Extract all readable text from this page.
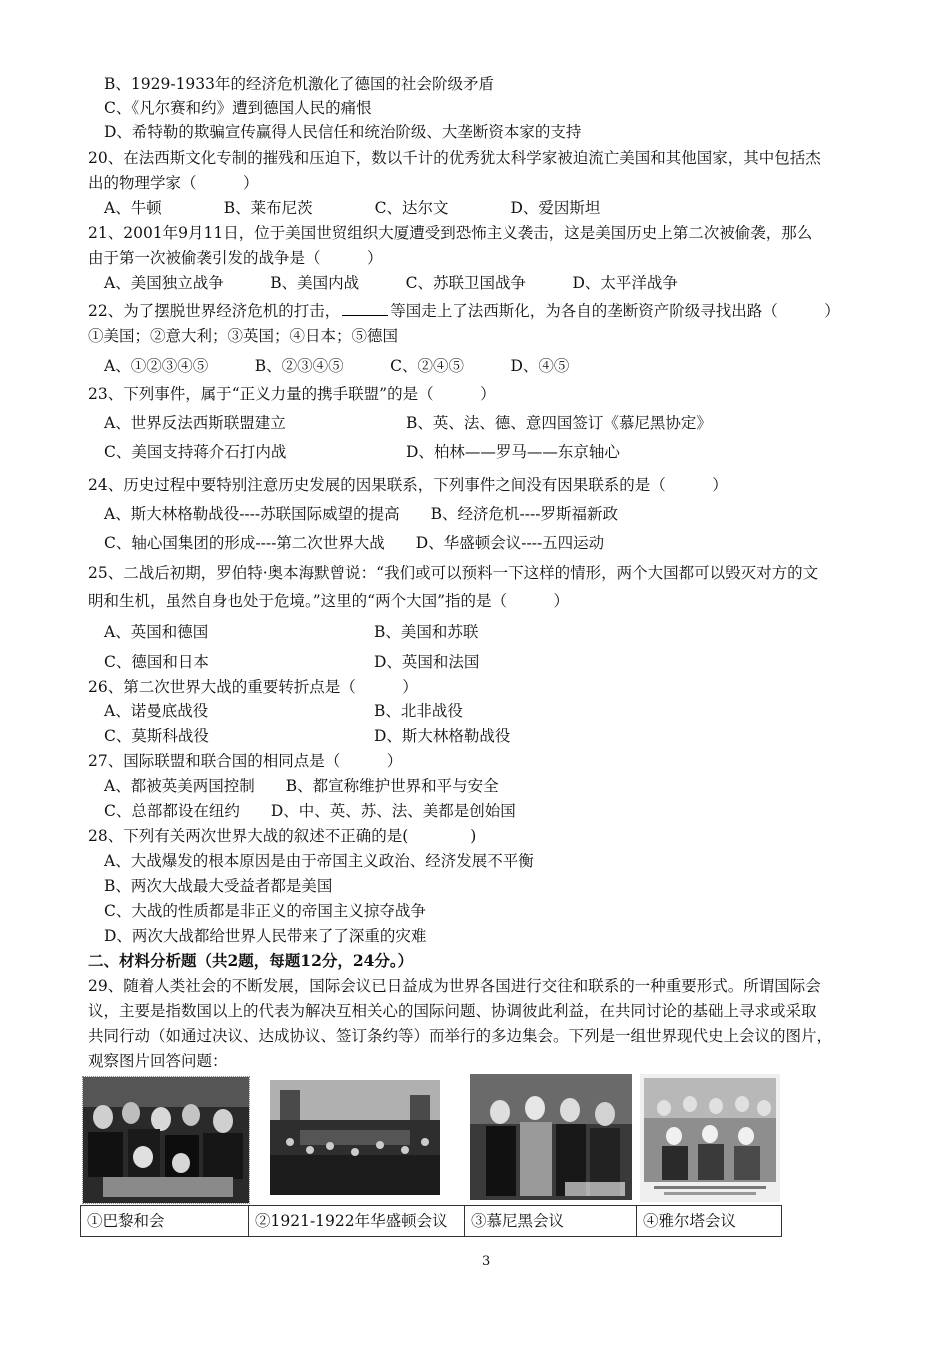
B、1929-1933年的经济危机激化了德国的社会阶级矛盾
C、《凡尔赛和约》遭到德国人民的痛恨
D、希特勒的欺骗宣传赢得人民信任和统治阶级、大垄断资本家的支持
20、在法西斯文化专制的摧残和压迫下，数以千计的优秀犹太科学家被迫流亡美国和其他国家，其中包括杰
出的物理学家（　　　）
A、牛顿　　　　B、莱布尼茨　　　　C、达尔文　　　　D、爱因斯坦
21、2001年9月11日，位于美国世贸组织大厦遭受到恐怖主义袭击，这是美国历史上第二次被偷袭，那么
由于第一次被偷袭引发的战争是（　　　）
A、美国独立战争　　　B、美国内战　　　C、苏联卫国战争　　　D、太平洋战争
22、为了摆脱世界经济危机的打击，	等国走上了法西斯化，为各自的垄断资产阶级寻找出路（　　　）
①美国；②意大利；③英国；④日本；⑤德国
A、①②③④⑤　　　B、②③④⑤　　　C、②④⑤　　　D、④⑤
23、下列事件，属于“正义力量的携手联盟”的是（　　　）
A、世界反法西斯联盟建立	B、英、法、德、意四国签订《慕尼黑协定》
C、美国支持蒋介石打内战	D、柏林——罗马——东京轴心
24、历史过程中要特别注意历史发展的因果联系，下列事件之间没有因果联系的是（　　　）
A、斯大林格勒战役----苏联国际威望的提高　　B、经济危机----罗斯福新政
C、轴心国集团的形成----第二次世界大战　　D、华盛顿会议----五四运动
25、二战后初期，罗伯特·奥本海默曾说：“我们或可以预料一下这样的情形，两个大国都可以毁灭对方的文
明和生机，虽然自身也处于危境。”这里的“两个大国”指的是（　　　）
A、英国和德国	B、美国和苏联
C、德国和日本	D、英国和法国
26、第二次世界大战的重要转折点是（　　　）
A、诺曼底战役	B、北非战役
C、莫斯科战役	D、斯大林格勒战役
27、国际联盟和联合国的相同点是（　　　）
A、都被英美两国控制　　B、都宣称维护世界和平与安全
C、总部都设在纽约　　D、中、英、苏、法、美都是创始国
28、下列有关两次世界大战的叙述不正确的是(　　　　)
A、大战爆发的根本原因是由于帝国主义政治、经济发展不平衡
B、两次大战最大受益者都是美国
C、大战的性质都是非正义的帝国主义掠夺战争
D、两次大战都给世界人民带来了了深重的灾难
二、材料分析题（共2题，每题12分，24分。）
29、随着人类社会的不断发展，国际会议已日益成为世界各国进行交往和联系的一种重要形式。所谓国际会
议，主要是指数国以上的代表为解决互相关心的国际问题、协调彼此利益，在共同讨论的基础上寻求或采取
共同行动（如通过决议、达成协议、签订条约等）而举行的多边集会。下列是一组世界现代史上会议的图片，
观察图片回答问题：
①巴黎和会	②1921-1922年华盛顿会议	③慕尼黑会议	④雅尔塔会议
3
